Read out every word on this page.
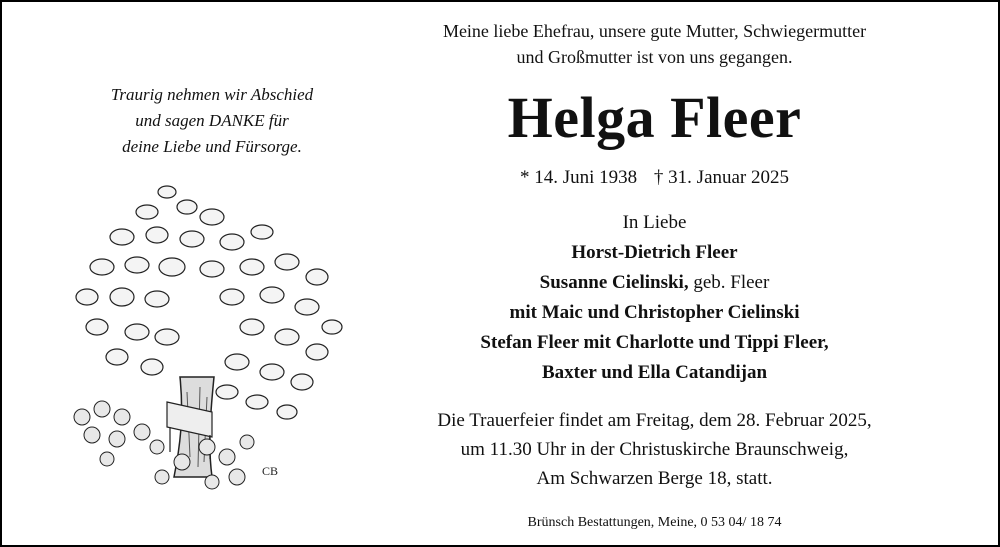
Traurig nehmen wir Abschied
und sagen DANKE für
deine Liebe und Fürsorge.
CB
Meine liebe Ehefrau, unsere gute Mutter, Schwiegermutter
und Großmutter ist von uns gegangen.
Helga Fleer
* 14. Juni 1938 † 31. Januar 2025
In Liebe
Horst-Dietrich Fleer
Susanne Cielinski, geb. Fleer
mit Maic und Christopher Cielinski
Stefan Fleer mit Charlotte und Tippi Fleer,
Baxter und Ella Catandijan
Die Trauerfeier findet am Freitag, dem 28. Februar 2025,
um 11.30 Uhr in der Christuskirche Braunschweig,
Am Schwarzen Berge 18, statt.
Brünsch Bestattungen, Meine, 0 53 04/ 18 74
